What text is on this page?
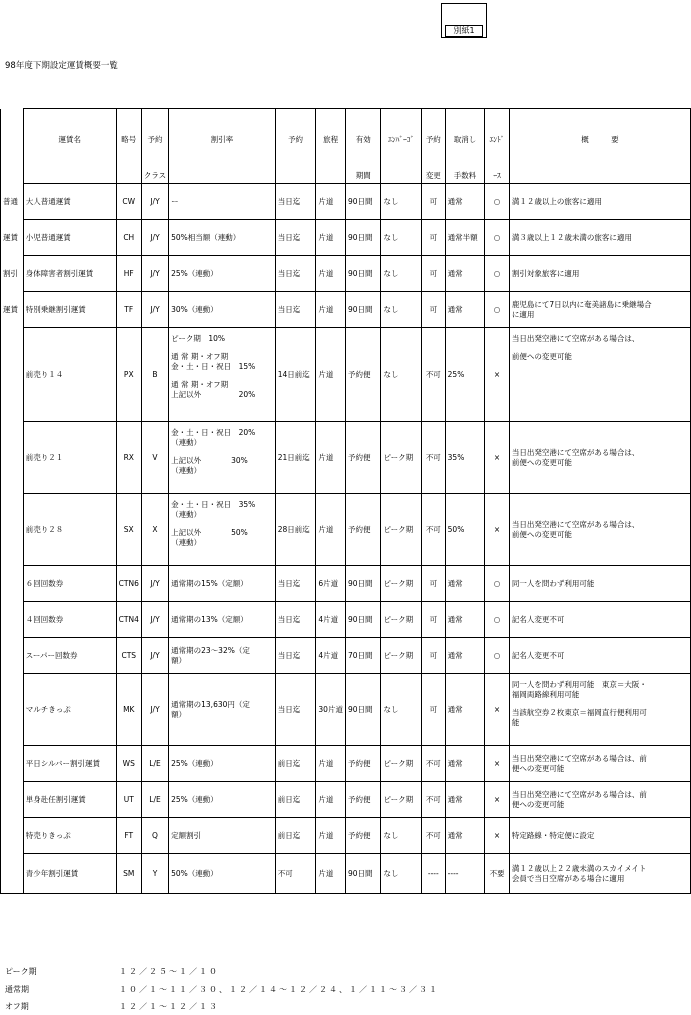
別紙1
98年度下期設定運賃概要一覧
	運賃名	略号	予約	割引率	予約	旅程	有効	ｴﾝﾊﾞｰｺﾞ	予約	取消し	ｴﾝﾄﾞ	概　　　要
			クラス				期間		変更	手数料	ｰｽ	
普通	大人普通運賃	CW	J/Y	ー	当日迄	片道	90日間	なし	可	通常	○	満１２歳以上の旅客に適用

運賃	小児普通運賃	CH	J/Y	50%相当額（連動）	当日迄	片道	90日間	なし	可	通常半額	○	満３歳以上１２歳未満の旅客に適用

割引	身体障害者割引運賃	HF	J/Y	25%（連動）	当日迄	片道	90日間	なし	可	通常	○	割引対象旅客に適用

運賃	特別乗継割引運賃	TF	J/Y	30%（連動）	当日迄	片道	90日間	なし	可	通常	○	鹿児島にて7日以内に奄美諸島に乗継場合
に適用

	前売り１４	PX	B	ピーク期　10%
通 常 期・オフ期
金・土・日・祝日　15%
通 常 期・オフ期
上記以外　　　　　20%	14日前迄	片道	予約便	なし	不可	25%	×	当日出発空港にて空席がある場合は、
前便への変更可能

	前売り２１	RX	V	金・土・日・祝日　20%
（連動）
上記以外　　　　30%
（連動）	21日前迄	片道	予約便	ピーク期	不可	35%	×	当日出発空港にて空席がある場合は、
前便への変更可能

	前売り２８	SX	X	金・土・日・祝日　35%
（連動）
上記以外　　　　50%
（連動）	28日前迄	片道	予約便	ピーク期	不可	50%	×	当日出発空港にて空席がある場合は、
前便への変更可能

	６回回数券	CTN6	J/Y	通常期の15%（定額）	当日迄	6片道	90日間	ピーク期	可	通常	○	同一人を問わず利用可能

	４回回数券	CTN4	J/Y	通常期の13%（定額）	当日迄	4片道	90日間	ピーク期	可	通常	○	記名人変更不可

	スーパー回数券	CTS	J/Y	通常期の23～32%（定
額）	当日迄	4片道	70日間	ピーク期	可	通常	○	記名人変更不可

	マルチきっぷ	MK	J/Y	通常期の13,630円（定
額）	当日迄	30片道	90日間	なし	可	通常	×	同一人を問わず利用可能　東京＝大阪・
福岡両路線利用可能
当該航空券２枚東京＝福岡直行便利用可
能

	平日シルバー割引運賃	WS	L/E	25%（連動）	前日迄	片道	予約便	ピーク期	不可	通常	×	当日出発空港にて空席がある場合は、前
便への変更可能

	単身赴任割引運賃	UT	L/E	25%（連動）	前日迄	片道	予約便	ピーク期	不可	通常	×	当日出発空港にて空席がある場合は、前
便への変更可能

	特売りきっぷ	FT	Q	定額割引	前日迄	片道	予約便	なし	不可	通常	×	特定路線・特定便に設定

	青少年割引運賃	SM	Y	50%（連動）	不可	片道	90日間	なし	----	----	不要	満１２歳以上２２歳未満のスカイメイト
会員で当日空席がある場合に適用
ピーク期	１２／２５～１／１０
通常期	１０／１～１１／３０、１２／１４～１２／２４、１／１１～３／３１
オフ期	１２／１～１２／１３
